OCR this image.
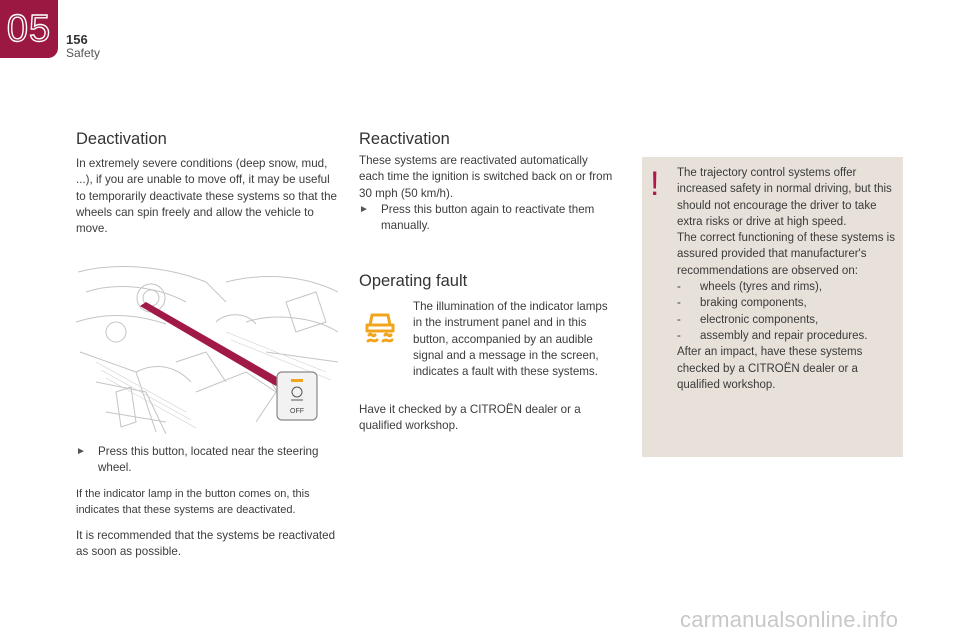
05 156
Safety
Deactivation
In extremely severe conditions (deep snow, mud, ...), if you are unable to move off, it may be useful to temporarily deactivate these systems so that the wheels can spin freely and allow the vehicle to move.
OFF
►	Press this button, located near the steering wheel.
If the indicator lamp in the button comes on, this indicates that these systems are deactivated.
It is recommended that the systems be reactivated as soon as possible.
Reactivation
These systems are reactivated automatically each time the ignition is switched back on or from 30 mph (50 km/h).
►	Press this button again to reactivate them manually.
Operating fault
The illumination of the indicator lamps in the instrument panel and in this button, accompanied by an audible signal and a message in the screen, indicates a fault with these systems.
Have it checked by a CITROËN dealer or a qualified workshop.
! The trajectory control systems offer increased safety in normal driving, but this should not encourage the driver to take extra risks or drive at high speed.
The correct functioning of these systems is assured provided that manufacturer's recommendations are observed on:
-	wheels (tyres and rims),
-	braking components,
-	electronic components,
-	assembly and repair procedures.
After an impact, have these systems checked by a CITROËN dealer or a qualified workshop.
carmanualsonline.info
